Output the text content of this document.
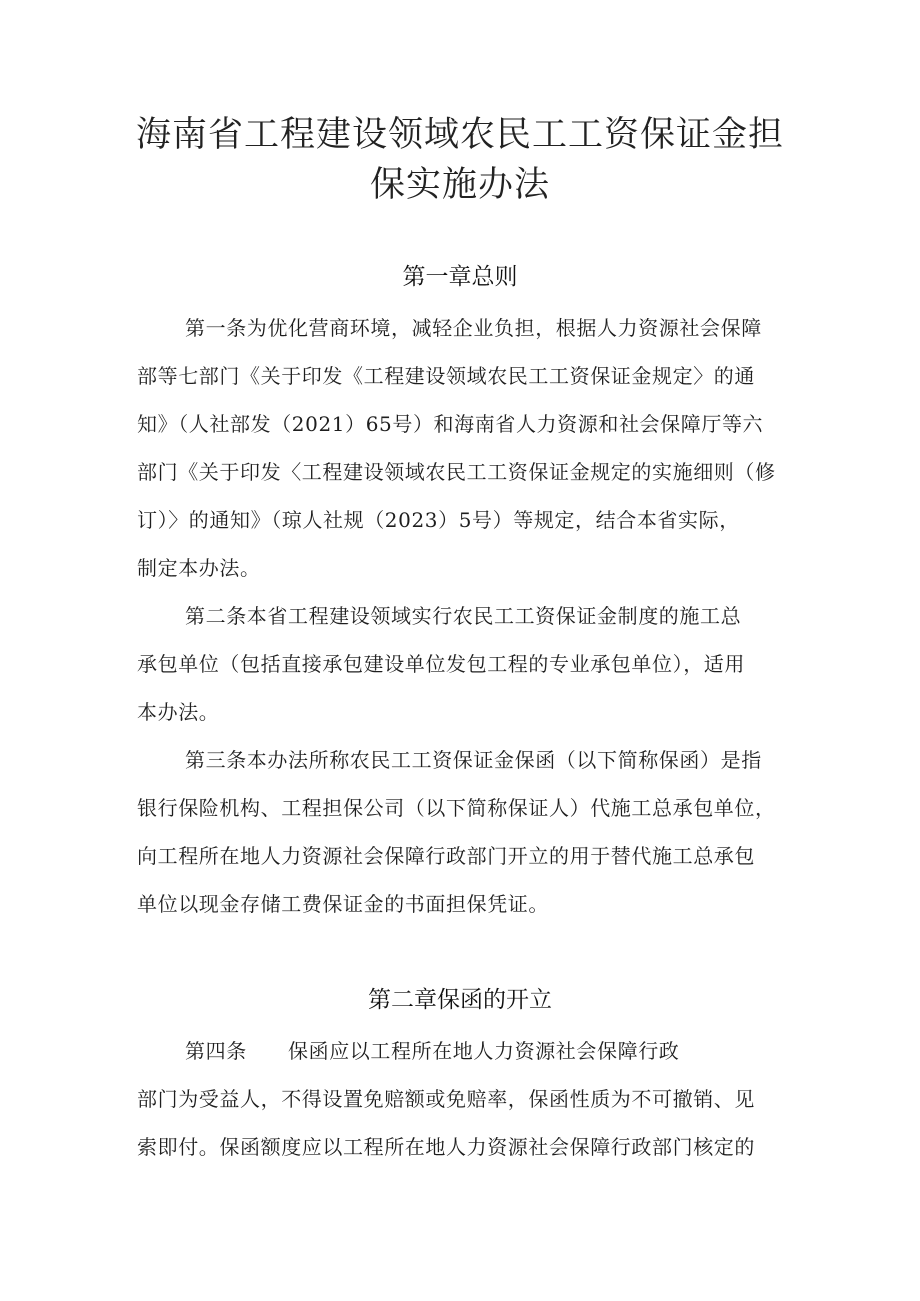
海南省工程建设领域农民工工资保证金担
保实施办法
第一章总则
第一条为优化营商环境，减轻企业负担，根据人力资源社会保障
部等七部门《关于印发《工程建设领域农民工工资保证金规定〉的通
知》（人社部发（2021）65号）和海南省人力资源和社会保障厅等六
部门《关于印发〈工程建设领域农民工工资保证金规定的实施细则（修
订）〉的通知》（琼人社规（2023）5号）等规定，结合本省实际，
制定本办法。
第二条本省工程建设领域实行农民工工资保证金制度的施工总
承包单位（包括直接承包建设单位发包工程的专业承包单位），适用
本办法。
第三条本办法所称农民工工资保证金保函（以下简称保函）是指
银行保险机构、工程担保公司（以下简称保证人）代施工总承包单位，
向工程所在地人力资源社会保障行政部门开立的用于替代施工总承包
单位以现金存储工费保证金的书面担保凭证。
第二章保函的开立
第四条　　保函应以工程所在地人力资源社会保障行政
部门为受益人，不得设置免赔额或免赔率，保函性质为不可撤销、见
索即付。保函额度应以工程所在地人力资源社会保障行政部门核定的
